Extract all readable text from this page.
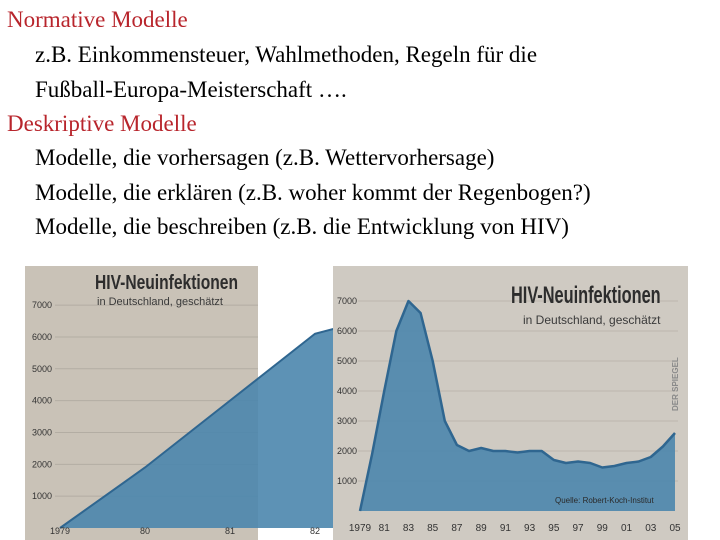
Normative Modelle
z.B. Einkommensteuer, Wahlmethoden, Regeln für die
Fußball-Europa-Meisterschaft ….
Deskriptive Modelle
Modelle, die vorhersagen (z.B. Wettervorhersage)
Modelle, die erklären (z.B. woher kommt der Regenbogen?)
Modelle, die beschreiben (z.B. die Entwicklung von HIV)
1000
2000
3000
4000
5000
6000
7000
1979	80	81	82
HIV-Neuinfektionen
in Deutschland, geschätzt
1000
2000
3000
4000
5000
6000
7000
1979 81 83 85 87 89 91 93 95 97 99 01 03 05
HIV-Neuinfektionen
in Deutschland, geschätzt
Quelle: Robert-Koch-Institut
DER SPIEGEL
